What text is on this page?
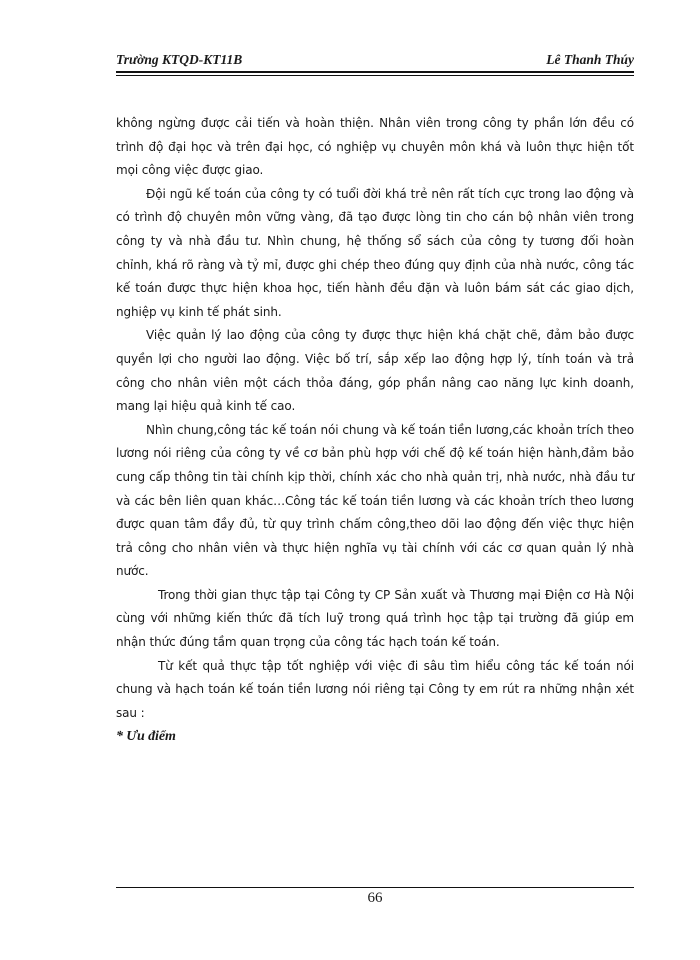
Trường KTQD-KT11B	Lê Thanh Thúy

không ngừng được cải tiến và hoàn thiện. Nhân viên trong công ty phần lớn đều có trình độ đại học và trên đại học, có nghiệp vụ chuyên môn khá và luôn thực hiện tốt mọi công việc được giao.

Đội ngũ kế toán của công ty có tuổi đời khá trẻ nên rất tích cực trong lao động và có trình độ chuyên môn vững vàng, đã tạo được lòng tin cho cán bộ nhân viên trong công ty và nhà đầu tư. Nhìn chung, hệ thống sổ sách của công ty tương đối hoàn chỉnh, khá rõ ràng và tỷ mỉ, được ghi chép theo đúng quy định của nhà nước, công tác kế toán được thực hiện khoa học, tiến hành đều đặn và luôn bám sát các giao dịch, nghiệp vụ kinh tế phát sinh.

Việc quản lý lao động của công ty được thực hiện khá chặt chẽ, đảm bảo được quyền lợi cho người lao động. Việc bố trí, sắp xếp lao động hợp lý, tính toán và trả công cho nhân viên một cách thỏa đáng, góp phần nâng cao năng lực kinh doanh, mang lại hiệu quả kinh tế cao.

Nhìn chung,công tác kế toán nói chung và kế toán tiền lương,các khoản trích theo lương nói riêng của công ty về cơ bản phù hợp với chế độ kế toán hiện hành,đảm bảo cung cấp thông tin tài chính kịp thời, chính xác cho nhà quản trị, nhà nước, nhà đầu tư và các bên liên quan khác…Công tác kế toán tiền lương và các khoản trích theo lương được quan tâm đầy đủ, từ quy trình chấm công,theo dõi lao động đến việc thực hiện trả công cho nhân viên và thực hiện nghĩa vụ tài chính với các cơ quan quản lý nhà nước.

Trong thời gian thực tập tại Công ty CP Sản xuất và Thương mại Điện cơ Hà Nội cùng với những kiến thức đã tích luỹ trong quá trình học tập tại trường đã giúp em nhận thức đúng tầm quan trọng của công tác hạch toán kế toán.

Từ kết quả thực tập tốt nghiệp với việc đi sâu tìm hiểu công tác kế toán nói chung và hạch toán kế toán tiền lương nói riêng tại Công ty em rút ra những nhận xét sau :

* Ưu điểm

66
